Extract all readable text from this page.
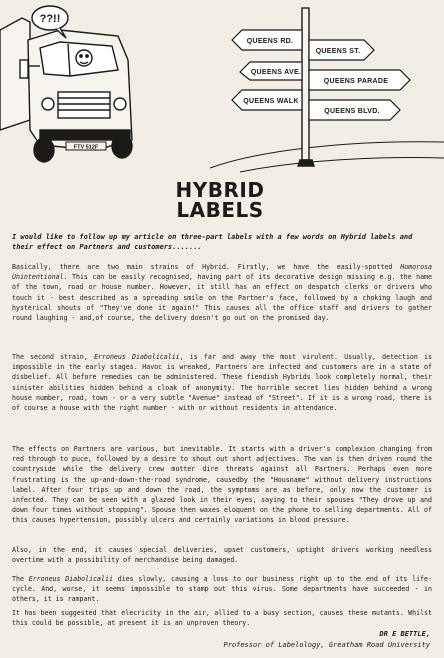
??!!
FTV 512F
QUEENS RD.
QUEENS AVE.
QUEENS WALK
QUEENS ST.
QUEENS PARADE
QUEENS BLVD.
HYBRID
LABELS

I would like to follow up my article on three-part labels with a few words on Hybrid labels and their effect on Partners and customers.......

Basically, there are two main strains of Hybrid. Firstly, we have the easily-spotted Humorosa Unintentional. This can be easily recognised, having part of its decorative design missing e.g. the name of the town, road or house number. However, it still has an effect on despatch clerks or drivers who touch it - best described as a spreading smile on the Partner's face, followed by a choking laugh and hysterical shouts of "They've done it again!" This causes all the office staff and drivers to gather round laughing - and,of course, the delivery doesn't go out on the promised day.

The second strain, Erroneus Diabolicalii, is far and away the most virulent. Usually, detection is impossible in the early stages. Havoc is wreaked, Partners are infected and customers are in a state of disbelief. All before remedies can be administered. These fiendish Hybrids look completely normal, their sinister abilities hidden behind a cloak of anonymity. The horrible secret lies hidden behind a wrong house number, road, town - or a very subtle "Avenue" instead of "Street". If it is a wrong road, there is of course a house with the right number - with or without residents in attendance.

The effects on Partners are various, but inevitable. It starts with a driver's complexion changing from red through to puce, followed by a desire to shout out short adjectives. The van is then driven round the countryside while the delivery crew mutter dire threats against all Partners. Perhaps even more frustrating is the up-and-down-the-road syndrome, causedby the "Housname" without delivery instructions label. After four trips up and down the road, the symptoms are as before, only now the customer is infected. They can be seen with a glazed look in their eyes, saying to their spouses "They drove up and down four times without stopping". Spouse then waxes eloquent on the phone to selling departments. All of this causes hypertension, possibly ulcers and certainly variations in blood pressure.

Also, in the end, it causes special deliveries, upset customers, uptight drivers working needless overtime with a possibility of merchandise being damaged.

The Erroneus Diabolicalii dies slowly, causing a loss to our business right up to the end of its life-cycle. And, worse, it seems impossible to stamp out this virus. Some departments have succeeded - in others, it is rampant.

It has been suggested that elecricity in the air, allied to a busy section, causes these mutants. Whilst this could be possible, at present it is an unproven theory.

DR E BETTLE,
Professor of Labelology, Greatham Road University
